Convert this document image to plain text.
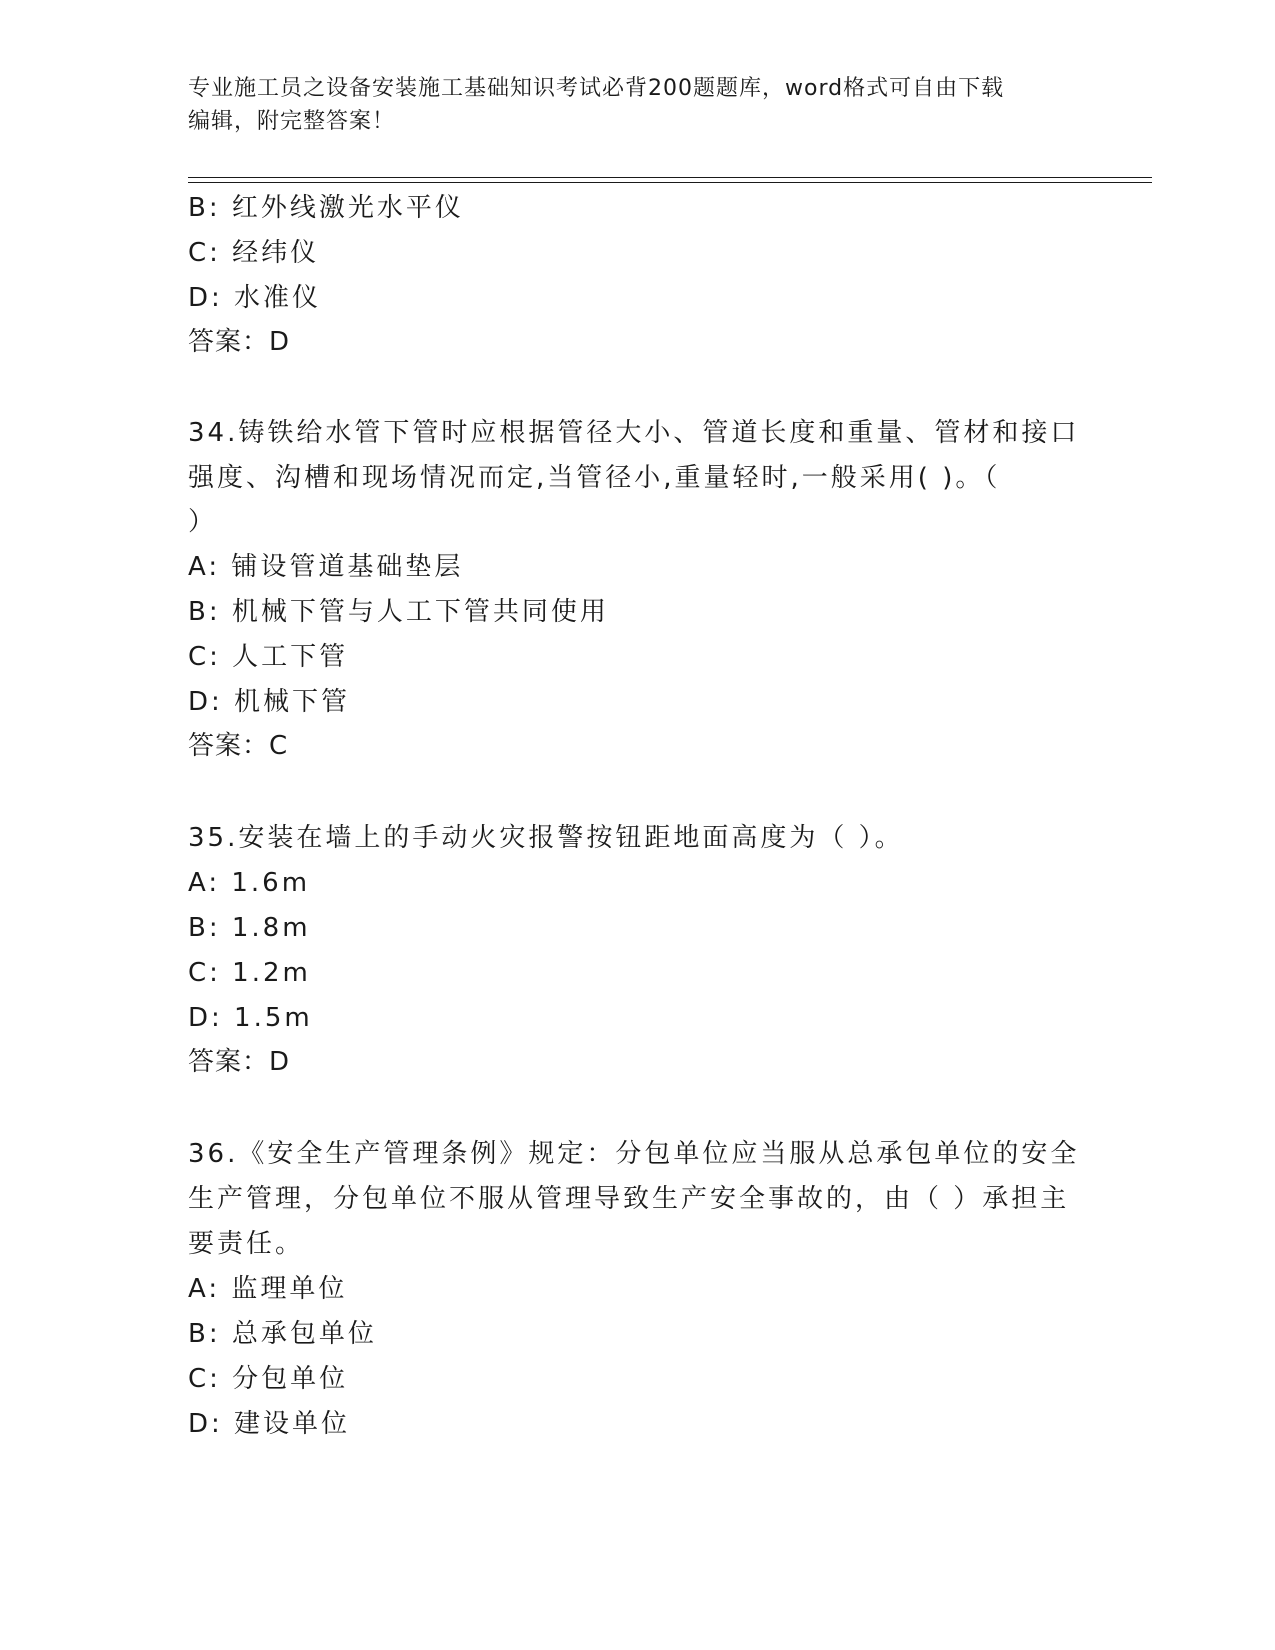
专业施工员之设备安装施工基础知识考试必背200题题库，word格式可自由下载
编辑，附完整答案！
B: 红外线激光水平仪
C: 经纬仪
D: 水准仪
答案：D
34.铸铁给水管下管时应根据管径大小、管道长度和重量、管材和接口
强度、沟槽和现场情况而定,当管径小,重量轻时,一般采用( )。（
）
A: 铺设管道基础垫层
B: 机械下管与人工下管共同使用
C: 人工下管
D: 机械下管
答案：C
35.安装在墙上的手动火灾报警按钮距地面高度为（ ）。
A: 1.6m
B: 1.8m
C: 1.2m
D: 1.5m
答案：D
36.《安全生产管理条例》规定：分包单位应当服从总承包单位的安全
生产管理，分包单位不服从管理导致生产安全事故的，由（ ）承担主
要责任。
A: 监理单位
B: 总承包单位
C: 分包单位
D: 建设单位
